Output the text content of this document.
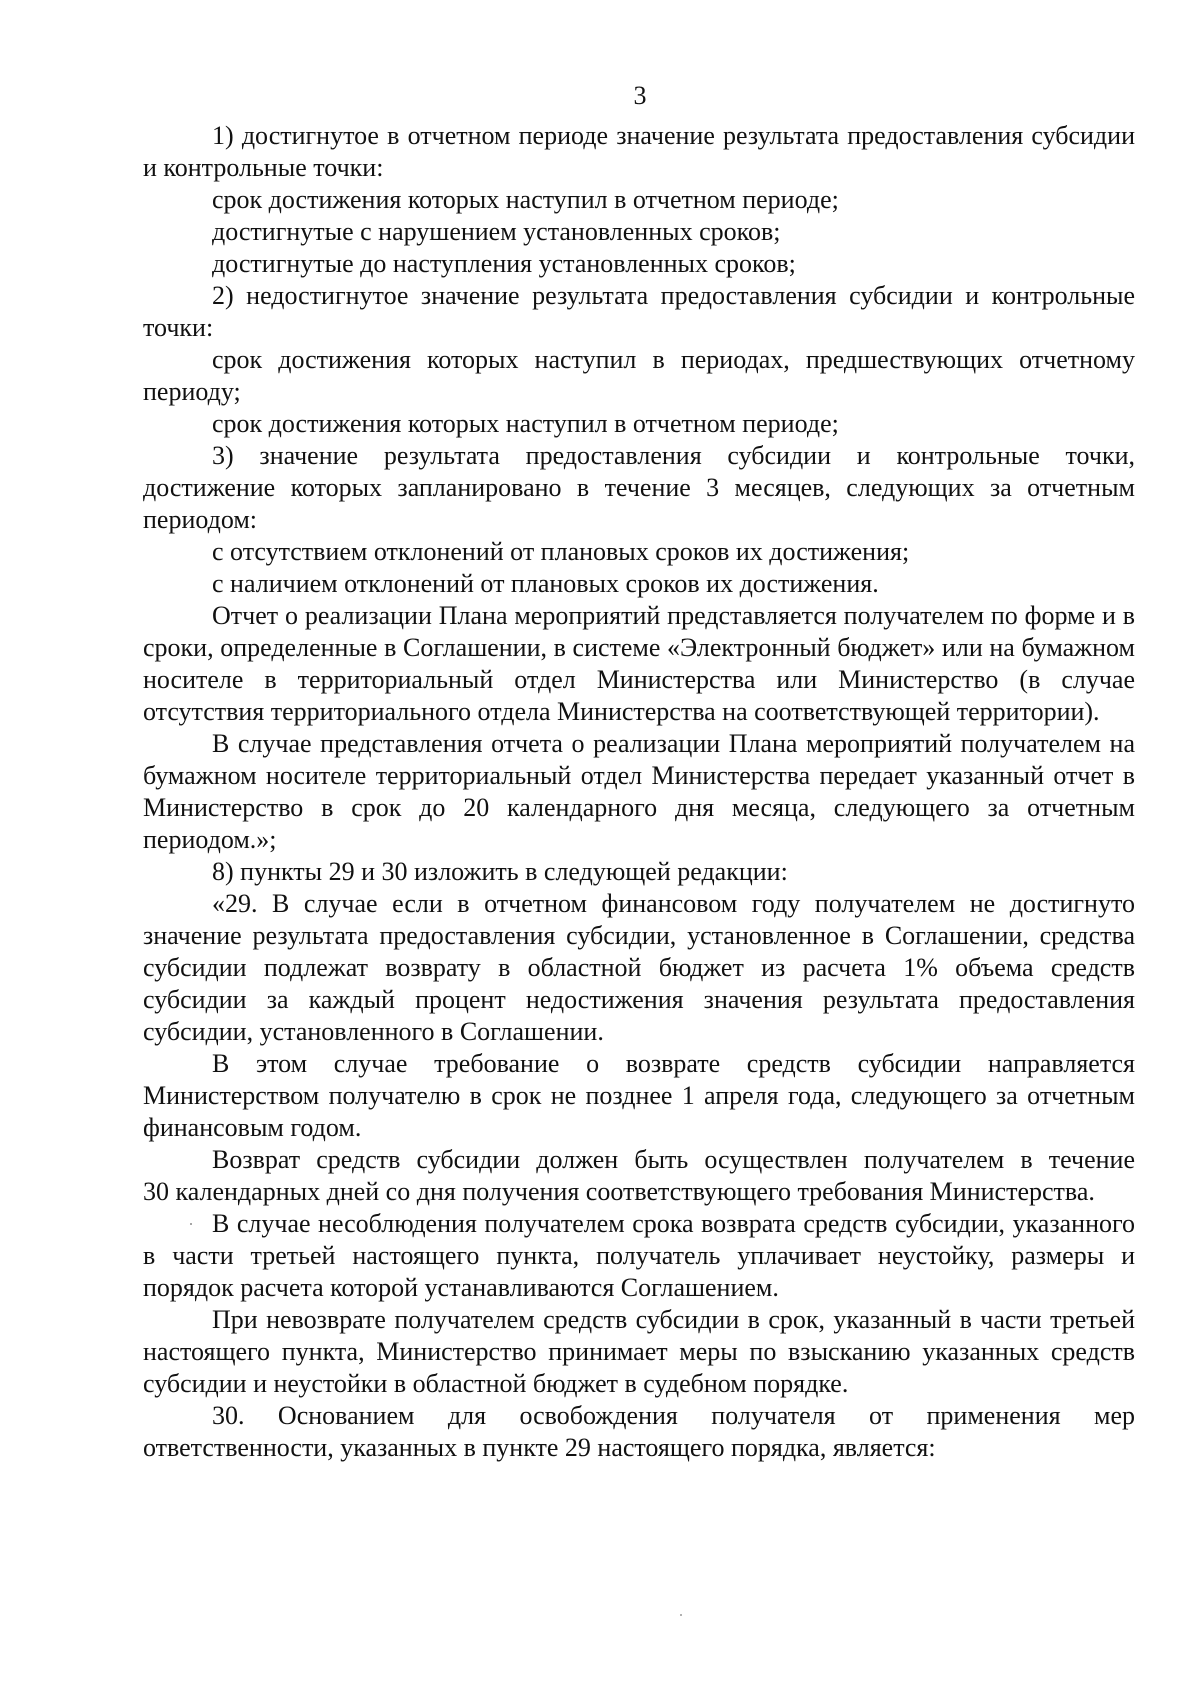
3

1) достигнутое в отчетном периоде значение результата предоставления субсидии и контрольные точки:

срок достижения которых наступил в отчетном периоде;

достигнутые с нарушением установленных сроков;

достигнутые до наступления установленных сроков;

2) недостигнутое значение результата предоставления субсидии и контрольные точки:

срок достижения которых наступил в периодах, предшествующих отчетному периоду;

срок достижения которых наступил в отчетном периоде;

3) значение результата предоставления субсидии и контрольные точки, достижение которых запланировано в течение 3 месяцев, следующих за отчетным периодом:

с отсутствием отклонений от плановых сроков их достижения;

с наличием отклонений от плановых сроков их достижения.

Отчет о реализации Плана мероприятий представляется получателем по форме и в сроки, определенные в Соглашении, в системе «Электронный бюджет» или на бумажном носителе в территориальный отдел Министерства или Министерство (в случае отсутствия территориального отдела Министерства на соответствующей территории).

В случае представления отчета о реализации Плана мероприятий получателем на бумажном носителе территориальный отдел Министерства передает указанный отчет в Министерство в срок до 20 календарного дня месяца, следующего за отчетным периодом.»;

8) пункты 29 и 30 изложить в следующей редакции:

«29. В случае если в отчетном финансовом году получателем не достигнуто значение результата предоставления субсидии, установленное в Соглашении, средства субсидии подлежат возврату в областной бюджет из расчета 1% объема средств субсидии за каждый процент недостижения значения результата предоставления субсидии, установленного в Соглашении.

В этом случае требование о возврате средств субсидии направляется Министерством получателю в срок не позднее 1 апреля года, следующего за отчетным финансовым годом.

Возврат средств субсидии должен быть осуществлен получателем в течение 30 календарных дней со дня получения соответствующего требования Министерства.

В случае несоблюдения получателем срока возврата средств субсидии, указанного в части третьей настоящего пункта, получатель уплачивает неустойку, размеры и порядок расчета которой устанавливаются Соглашением.

При невозврате получателем средств субсидии в срок, указанный в части третьей настоящего пункта, Министерство принимает меры по взысканию указанных средств субсидии и неустойки в областной бюджет в судебном порядке.

30. Основанием для освобождения получателя от применения мер ответственности, указанных в пункте 29 настоящего порядка, является:
